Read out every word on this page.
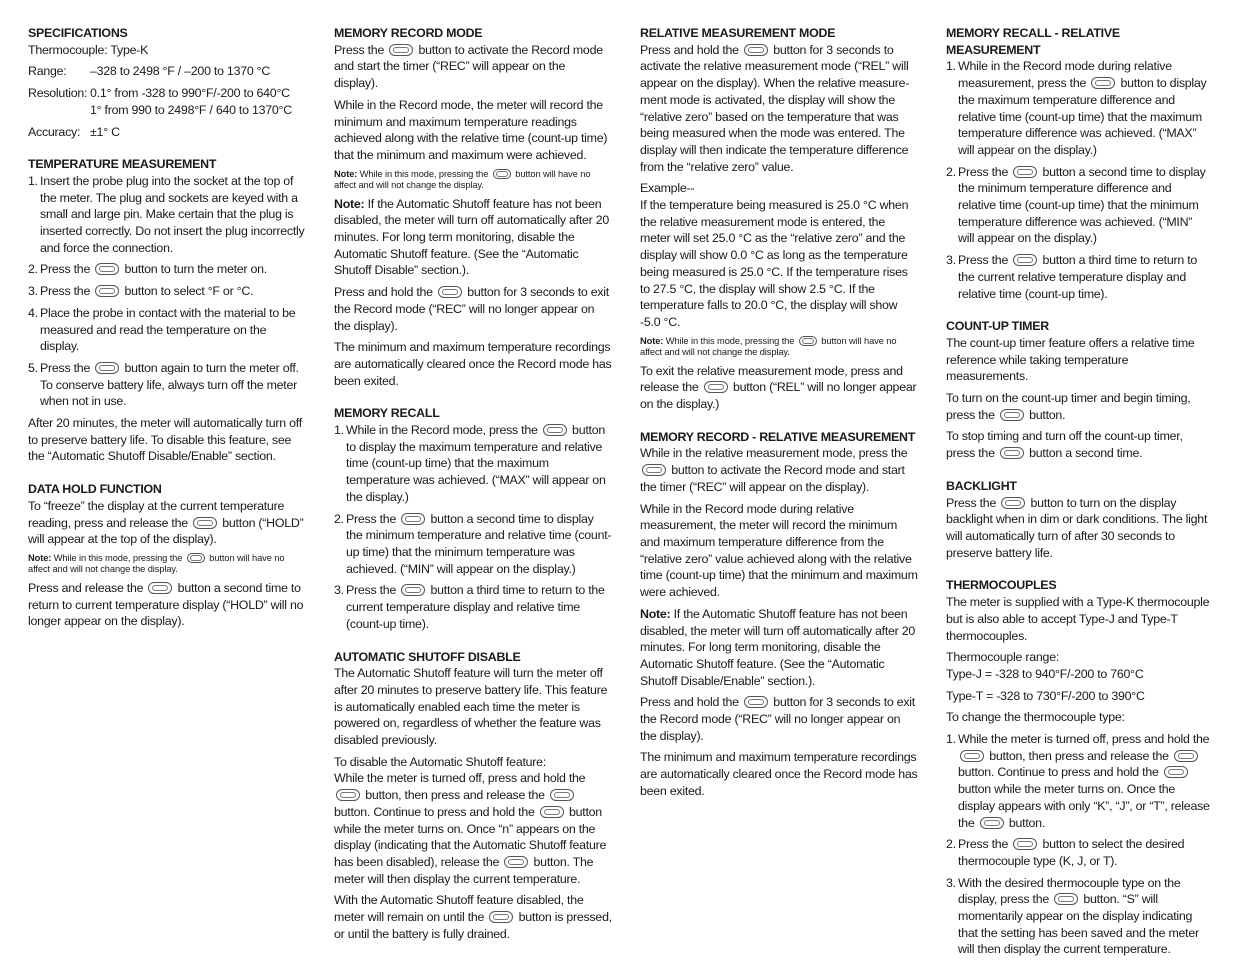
SPECIFICATIONS

Thermocouple: Type-K

Range:	–328 to 2498 °F / –200 to 1370 °C

Resolution: 0.1° from -328 to 990°F/-200 to 640°C
1° from 990 to 2498°F / 640 to 1370°C

Accuracy: ±1° C

TEMPERATURE MEASUREMENT
1. Insert the probe plug into the socket at the top of the meter. The plug and sockets are keyed with a small and large pin. Make certain that the plug is inserted correctly. Do not insert the plug incorrectly and force the connection.
2. Press the  button to turn the meter on.
3. Press the  button to select °F or °C.
4. Place the probe in contact with the material to be measured and read the temperature on the display.
5. Press the  button again to turn the meter off. To conserve battery life, always turn off the meter when not in use.

After 20 minutes, the meter will automatically turn off to preserve battery life. To disable this feature, see the “Automatic Shutoff Disable/Enable” section.

DATA HOLD FUNCTION

To “freeze” the display at the current temperature reading, press and release the  button (“HOLD” will appear at the top of the display).

Note: While in this mode, pressing the  button will have no affect and will not change the display.

Press and release the  button a second time to return to current temperature display (“HOLD” will no longer appear on the display).

MEMORY RECORD MODE

Press the  button to activate the Record mode and start the timer (“REC” will appear on the display).

While in the Record mode, the meter will record the minimum and maximum temperature readings achieved along with the relative time (count-up time) that the minimum and maximum were achieved.

Note: While in this mode, pressing the  button will have no affect and will not change the display.

Note: If the Automatic Shutoff feature has not been disabled, the meter will turn off automatically after 20 minutes. For long term monitoring, disable the Automatic Shutoff feature. (See the “Automatic Shutoff Disable” section.).

Press and hold the  button for 3 seconds to exit the Record mode (“REC” will no longer appear on the display).

The minimum and maximum temperature recordings are automatically cleared once the Record mode has been exited.

MEMORY RECALL
1. While in the Record mode, press the  button to display the maximum temperature and relative time (count-up time) that the maximum temperature was achieved. (“MAX” will appear on the display.)
2. Press the  button a second time to display the minimum temperature and relative time (count-up time) that the minimum temperature was achieved. (“MIN” will appear on the display.)
3. Press the  button a third time to return to the current temperature display and relative time (count-up time).
AUTOMATIC SHUTOFF DISABLE

The Automatic Shutoff feature will turn the meter off after 20 minutes to preserve battery life. This feature is automatically enabled each time the meter is powered on, regardless of whether the feature was disabled previously.

To disable the Automatic Shutoff feature:
While the meter is turned off, press and hold the  button, then press and release the  button. Continue to press and hold the  button while the meter turns on. Once “n” appears on the display (indicating that the Automatic Shutoff feature has been disabled), release the  button. The meter will then display the current temperature.

With the Automatic Shutoff feature disabled, the meter will remain on until the  button is pressed, or until the battery is fully drained.

RELATIVE MEASUREMENT MODE

Press and hold the  button for 3 seconds to activate the relative measurement mode (“REL” will appear on the display). When the relative measure-ment mode is activated, the display will show the “relative zero” based on the temperature that was being measured when the mode was entered. The display will then indicate the temperature difference from the “relative zero” value.

Example--
If the temperature being measured is 25.0 °C when the relative measurement mode is entered, the meter will set 25.0 °C as the “relative zero” and the display will show 0.0 °C as long as the temperature being measured is 25.0 °C. If the temperature rises to 27.5 °C, the display will show 2.5 °C. If the temperature falls to 20.0 °C, the display will show -5.0 °C.

Note: While in this mode, pressing the  button will have no affect and will not change the display.

To exit the relative measurement mode, press and release the  button (“REL” will no longer appear on the display.)

MEMORY RECORD - RELATIVE MEASUREMENT

While in the relative measurement mode, press the  button to activate the Record mode and start the timer (“REC” will appear on the display).

While in the Record mode during relative measurement, the meter will record the minimum and maximum temperature difference from the “relative zero” value achieved along with the relative time (count-up time) that the minimum and maximum were achieved.

Note: If the Automatic Shutoff feature has not been disabled, the meter will turn off automatically after 20 minutes. For long term monitoring, disable the Automatic Shutoff feature. (See the “Automatic Shutoff Disable/Enable” section.).

Press and hold the  button for 3 seconds to exit the Record mode (“REC” will no longer appear on the display).

The minimum and maximum temperature recordings are automatically cleared once the Record mode has been exited.

MEMORY RECALL - RELATIVE MEASUREMENT
1. While in the Record mode during relative measurement, press the  button to display the maximum temperature difference and relative time (count-up time) that the maximum temperature difference was achieved. (“MAX” will appear on the display.)
2. Press the  button a second time to display the minimum temperature difference and relative time (count-up time) that the minimum temperature difference was achieved. (“MIN” will appear on the display.)
3. Press the  button a third time to return to the current relative temperature display and relative time (count-up time).
COUNT-UP TIMER

The count-up timer feature offers a relative time reference while taking temperature measurements.

To turn on the count-up timer and begin timing, press the  button.

To stop timing and turn off the count-up timer, press the  button a second time.

BACKLIGHT

Press the  button to turn on the display backlight when in dim or dark conditions. The light will automatically turn of after 30 seconds to preserve battery life.

THERMOCOUPLES

The meter is supplied with a Type-K thermocouple but is also able to accept Type-J and Type-T thermocouples.

Thermocouple range:
Type-J = -328 to 940°F/-200 to 760°C

Type-T = -328 to 730°F/-200 to 390°C

To change the thermocouple type:

1. While the meter is turned off, press and hold the  button, then press and release the  button. Continue to press and hold the  button while the meter turns on. Once the display appears with only “K”, “J”, or “T”, release the  button.
2. Press the  button to select the desired thermocouple type (K, J, or T).
3. With the desired thermocouple type on the display, press the  button. “S” will momentarily appear on the display indicating that the setting has been saved and the meter will then display the current temperature.
